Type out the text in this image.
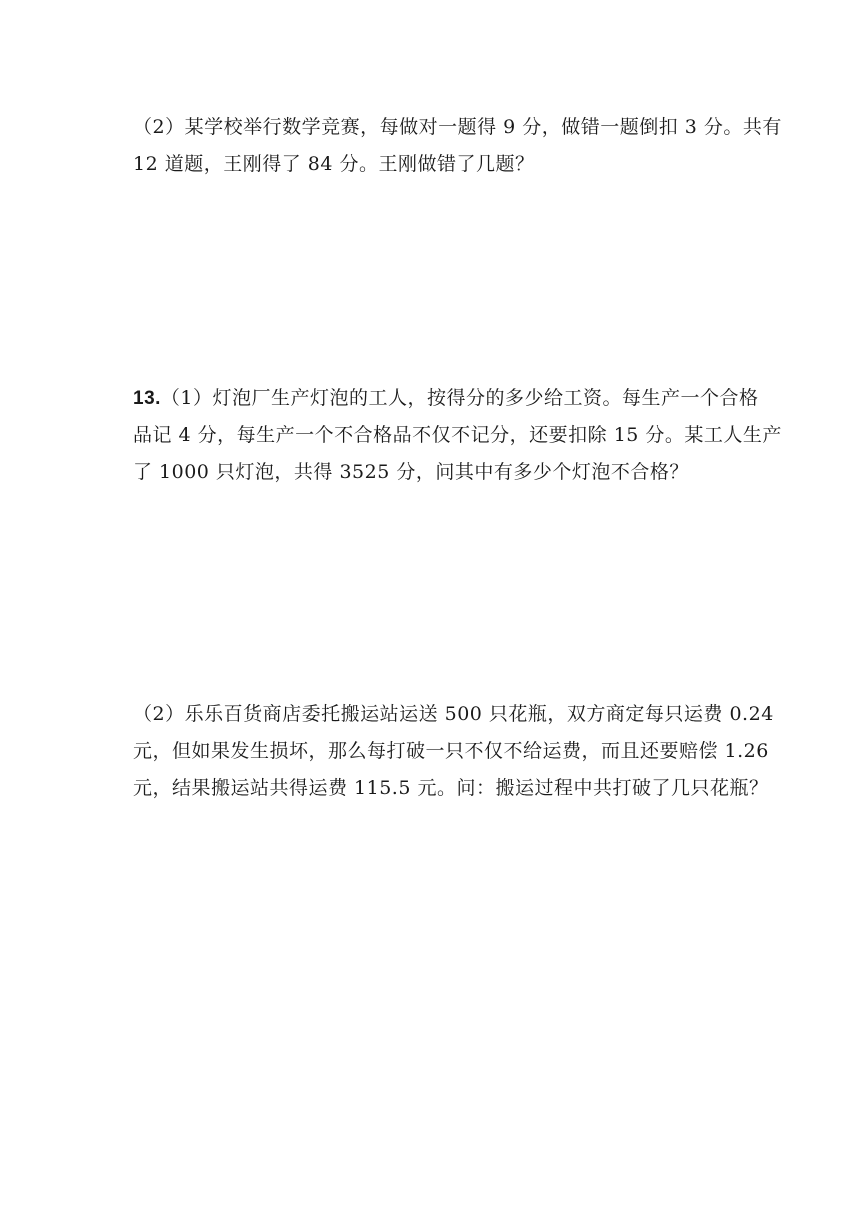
（2）某学校举行数学竞赛，每做对一题得 9 分，做错一题倒扣 3 分。共有
12 道题，王刚得了 84 分。王刚做错了几题？
13.（1）灯泡厂生产灯泡的工人，按得分的多少给工资。每生产一个合格
品记 4 分，每生产一个不合格品不仅不记分，还要扣除 15 分。某工人生产
了 1000 只灯泡，共得 3525 分，问其中有多少个灯泡不合格？
（2）乐乐百货商店委托搬运站运送 500 只花瓶，双方商定每只运费 0.24
元，但如果发生损坏，那么每打破一只不仅不给运费，而且还要赔偿 1.26
元，结果搬运站共得运费 115.5 元。问：搬运过程中共打破了几只花瓶？
